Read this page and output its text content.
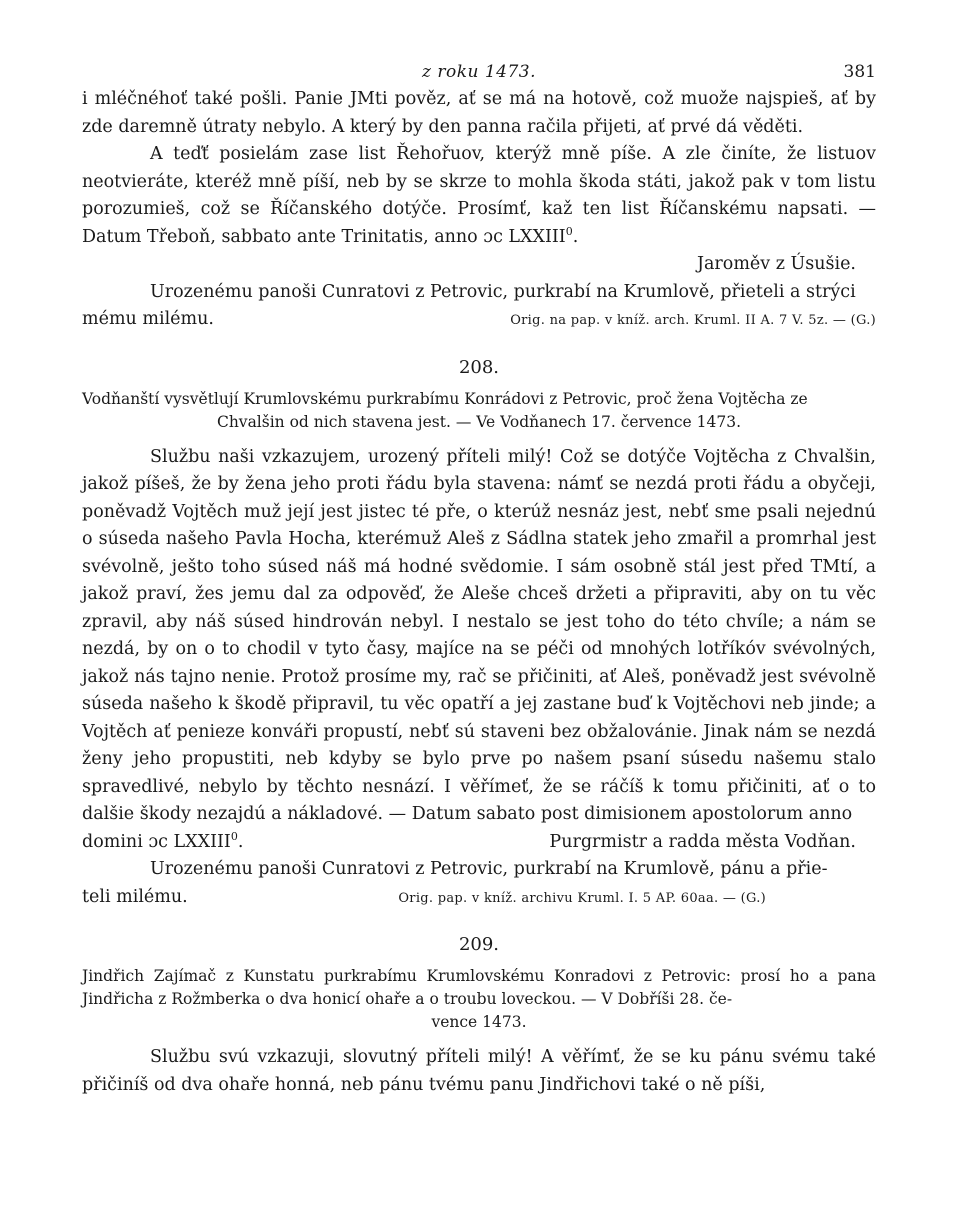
z roku 1473.	381

i mléčnéhoť také pošli. Panie JMti pověz, ať se má na hotově, což muože najspieš, ať by zde daremně útraty nebylo. A který by den panna račila přijeti, ať prvé dá věděti.

A teďť posielám zase list Řehořuov, kterýž mně píše. A zle činíte, že listuov neotvieráte, kteréž mně píší, neb by se skrze to mohla škoda státi, jakož pak v tom listu porozumieš, což se Říčanského dotýče. Prosímť, kaž ten list Říčanskému napsati. — Datum Třeboň, sabbato ante Trinitatis, anno ɔc LXXIII$^0$.

Jaroměv z Úsušie.

Urozenému panoši Cunratovi z Petrovic, purkrabí na Krumlově, přieteli a strýci

mému milému.	Orig. na pap. v kníž. arch. Kruml. II A. 7 V. 5z. — (G.)
208.
Vodňanští vysvětlují Krumlovskému purkrabímu Konrádovi z Petrovic, proč žena Vojtěcha ze
Chvalšin od nich stavena jest. — Ve Vodňanech 17. července 1473.

Službu naši vzkazujem, urozený příteli milý! Což se dotýče Vojtěcha z Chvalšin, jakož píšeš, že by žena jeho proti řádu byla stavena: námť se nezdá proti řádu a obyčeji, poněvadž Vojtěch muž její jest jistec té pře, o kterúž nesnáz jest, nebť sme psali nejednú o súseda našeho Pavla Hocha, kterémuž Aleš z Sádlna statek jeho zmařil a promrhal jest svévolně, ješto toho súsed náš má hodné svědomie. I sám osobně stál jest před TMtí, a jakož praví, žes jemu dal za odpověď, že Aleše chceš držeti a připraviti, aby on tu věc zpravil, aby náš súsed hindrován nebyl. I nestalo se jest toho do této chvíle; a nám se nezdá, by on o to chodil v tyto časy, majíce na se péči od mnohých lotříkóv svévolných, jakož nás tajno nenie. Protož prosíme my, rač se přičiniti, ať Aleš, poněvadž jest svévolně súseda našeho k škodě připravil, tu věc opatří a jej zastane buď k Vojtěchovi neb jinde; a Vojtěch ať penieze konváři propustí, nebť sú staveni bez obžalovánie. Jinak nám se nezdá ženy jeho propustiti, neb kdyby se bylo prve po našem psaní súsedu našemu stalo spravedlivé, nebylo by těchto nesnází. I věřímeť, že se ráčíš k tomu přičiniti, ať o to dalšie škody nezajdú a nákladové. — Datum sabato post dimisionem apostolorum anno

domini ɔc LXXIII$^0$.	Purgrmistr a radda města Vodňan.

Urozenému panoši Cunratovi z Petrovic, purkrabí na Krumlově, pánu a přie-

teli milému.	Orig. pap. v kníž. archivu Kruml. I. 5 AP. 60aa. — (G.)
209.
Jindřich Zajímač z Kunstatu purkrabímu Krumlovskému Konradovi z Petrovic: prosí ho a pana Jindřicha z Rožmberka o dva honicí ohaře a o troubu loveckou. — V Dobříši 28. če-
vence 1473.

Službu svú vzkazuji, slovutný příteli milý! A věřímť, že se ku pánu svému také přičiníš od dva ohaře honná, neb pánu tvému panu Jindřichovi také o ně píši,
